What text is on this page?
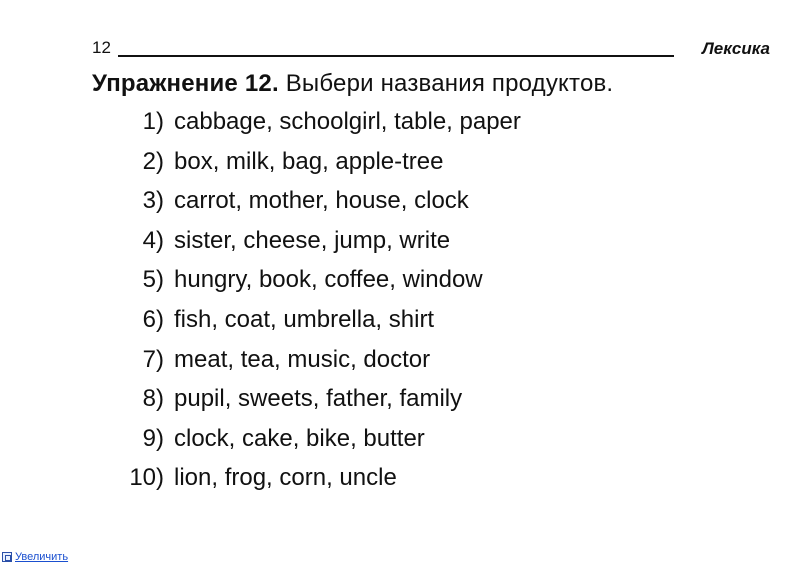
12	Лексика
Упражнение 12. Выбери названия продуктов.
1) cabbage, schoolgirl, table, paper
2) box, milk, bag, apple-tree
3) carrot, mother, house, clock
4) sister, cheese, jump, write
5) hungry, book, coffee, window
6) fish, coat, umbrella, shirt
7) meat, tea, music, doctor
8) pupil, sweets, father, family
9) clock, cake, bike, butter
10) lion, frog, corn, uncle
Увеличить
